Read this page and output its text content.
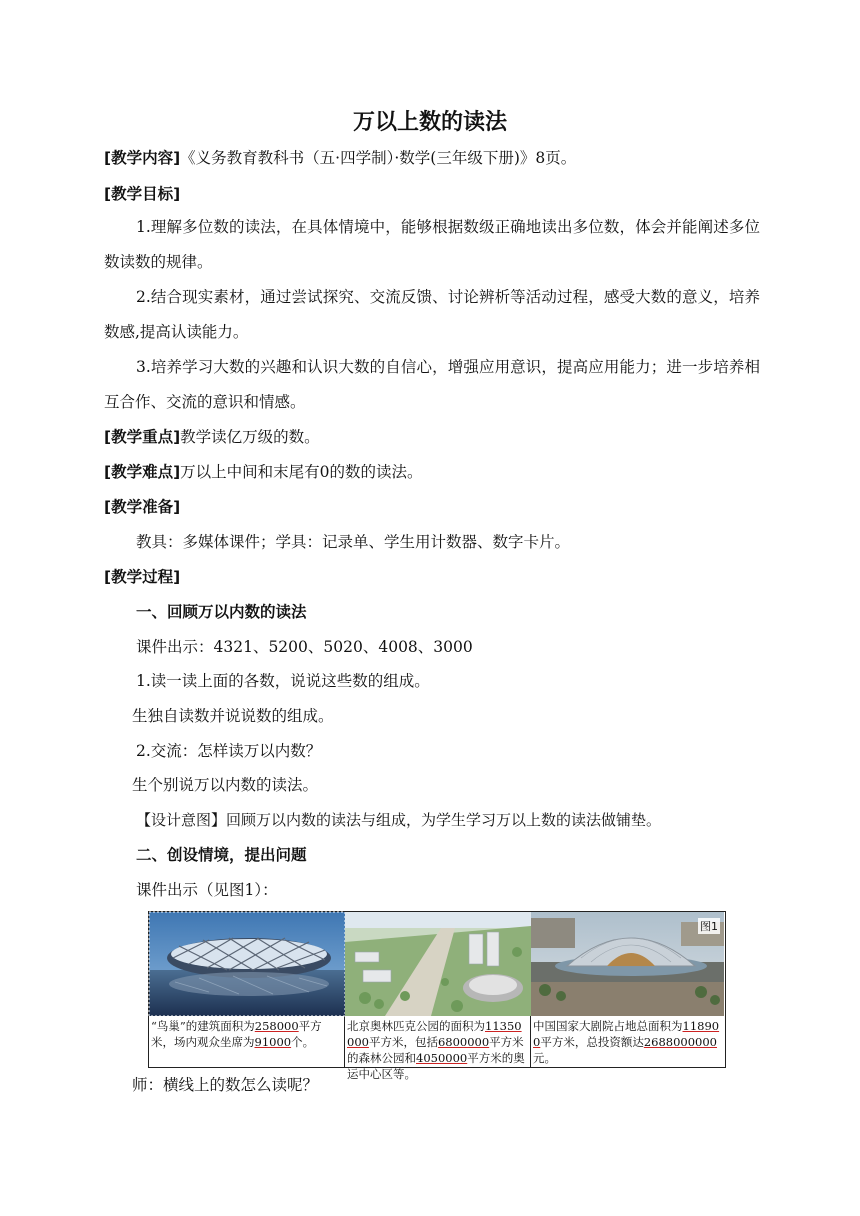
万以上数的读法
[教学内容]《义务教育教科书（五·四学制）·数学(三年级下册)》8页。
[教学目标]
1.理解多位数的读法，在具体情境中，能够根据数级正确地读出多位数，体会并能阐述多位数读数的规律。
2.结合现实素材，通过尝试探究、交流反馈、讨论辨析等活动过程，感受大数的意义，培养数感,提高认读能力。
3.培养学习大数的兴趣和认识大数的自信心，增强应用意识，提高应用能力；进一步培养相互合作、交流的意识和情感。
[教学重点]教学读亿万级的数。
[教学难点]万以上中间和末尾有0的数的读法。
[教学准备]
教具：多媒体课件；学具：记录单、学生用计数器、数字卡片。
[教学过程]
一、回顾万以内数的读法
课件出示：4321、5200、5020、4008、3000
1.读一读上面的各数，说说这些数的组成。
生独自读数并说说数的组成。
2.交流：怎样读万以内数？
生个别说万以内数的读法。
【设计意图】回顾万以内数的读法与组成，为学生学习万以上数的读法做铺垫。
二、创设情境，提出问题
课件出示（见图1）：
“鸟巢”的建筑面积为258000平方米，场内观众坐席为91000个。
北京奥林匹克公园的面积为11350000平方米，包括6800000平方米的森林公园和4050000平方米的奥运中心区等。
图1
中国国家大剧院占地总面积为118900平方米，总投资额达2688000000元。
师：横线上的数怎么读呢？
